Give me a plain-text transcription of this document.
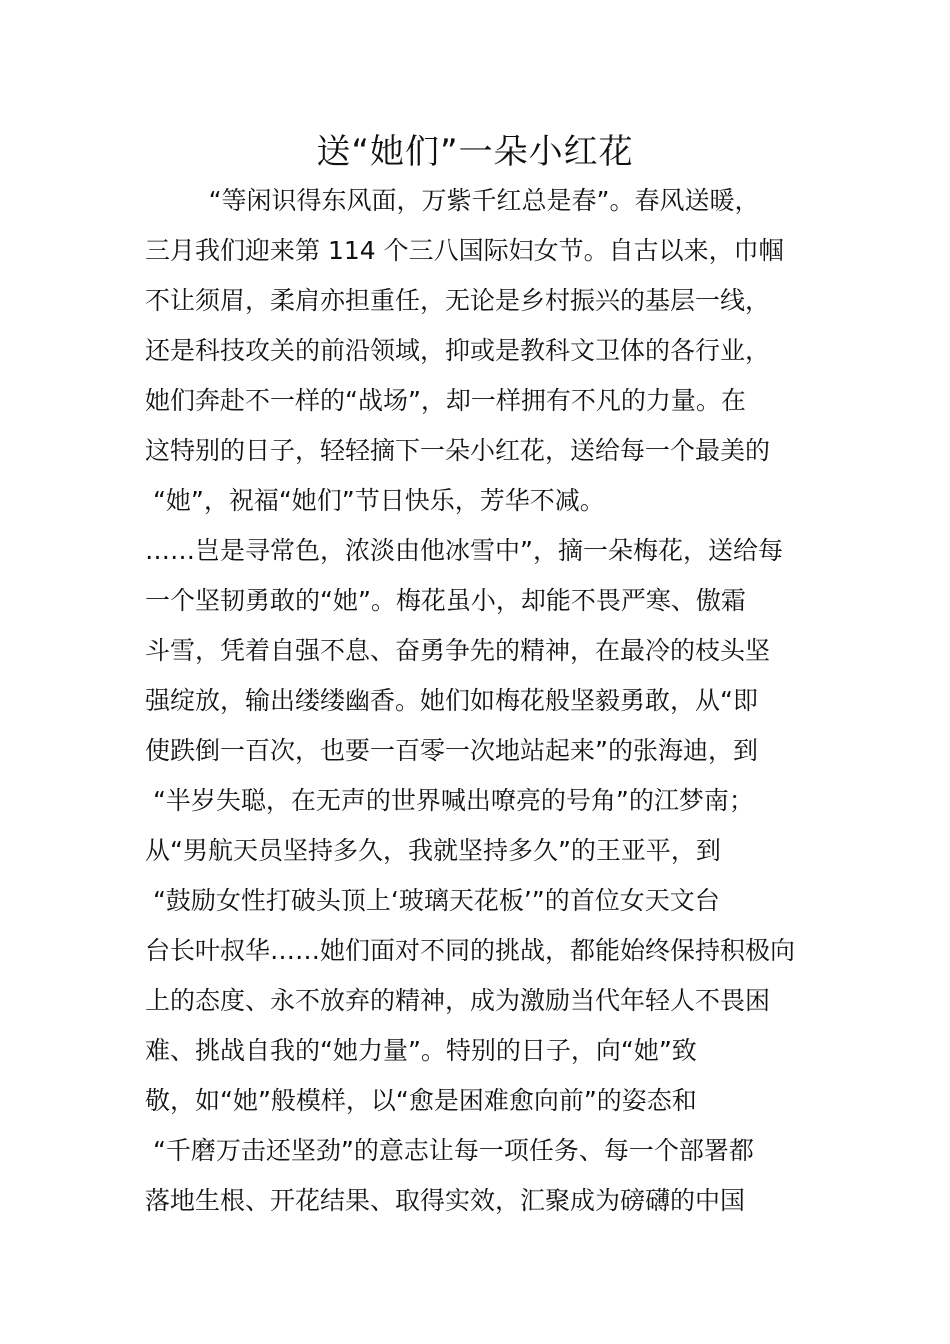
送“她们”一朵小红花
“等闲识得东风面，万紫千红总是春”。春风送暖，
三月我们迎来第 114 个三八国际妇女节。自古以来，巾帼
不让须眉，柔肩亦担重任，无论是乡村振兴的基层一线，
还是科技攻关的前沿领域，抑或是教科文卫体的各行业，
她们奔赴不一样的“战场”，却一样拥有不凡的力量。在
这特别的日子，轻轻摘下一朵小红花，送给每一个最美的
“她”，祝福“她们”节日快乐，芳华不减。
……岂是寻常色，浓淡由他冰雪中”，摘一朵梅花，送给每
一个坚韧勇敢的“她”。梅花虽小，却能不畏严寒、傲霜
斗雪，凭着自强不息、奋勇争先的精神，在最冷的枝头坚
强绽放，输出缕缕幽香。她们如梅花般坚毅勇敢，从“即
使跌倒一百次，也要一百零一次地站起来”的张海迪，到
“半岁失聪，在无声的世界喊出嘹亮的号角”的江梦南；
从“男航天员坚持多久，我就坚持多久”的王亚平，到
“鼓励女性打破头顶上‘玻璃天花板’”的首位女天文台
台长叶叔华……她们面对不同的挑战，都能始终保持积极向
上的态度、永不放弃的精神，成为激励当代年轻人不畏困
难、挑战自我的“她力量”。特别的日子，向“她”致
敬，如“她”般模样，以“愈是困难愈向前”的姿态和
“千磨万击还坚劲”的意志让每一项任务、每一个部署都
落地生根、开花结果、取得实效，汇聚成为磅礴的中国
